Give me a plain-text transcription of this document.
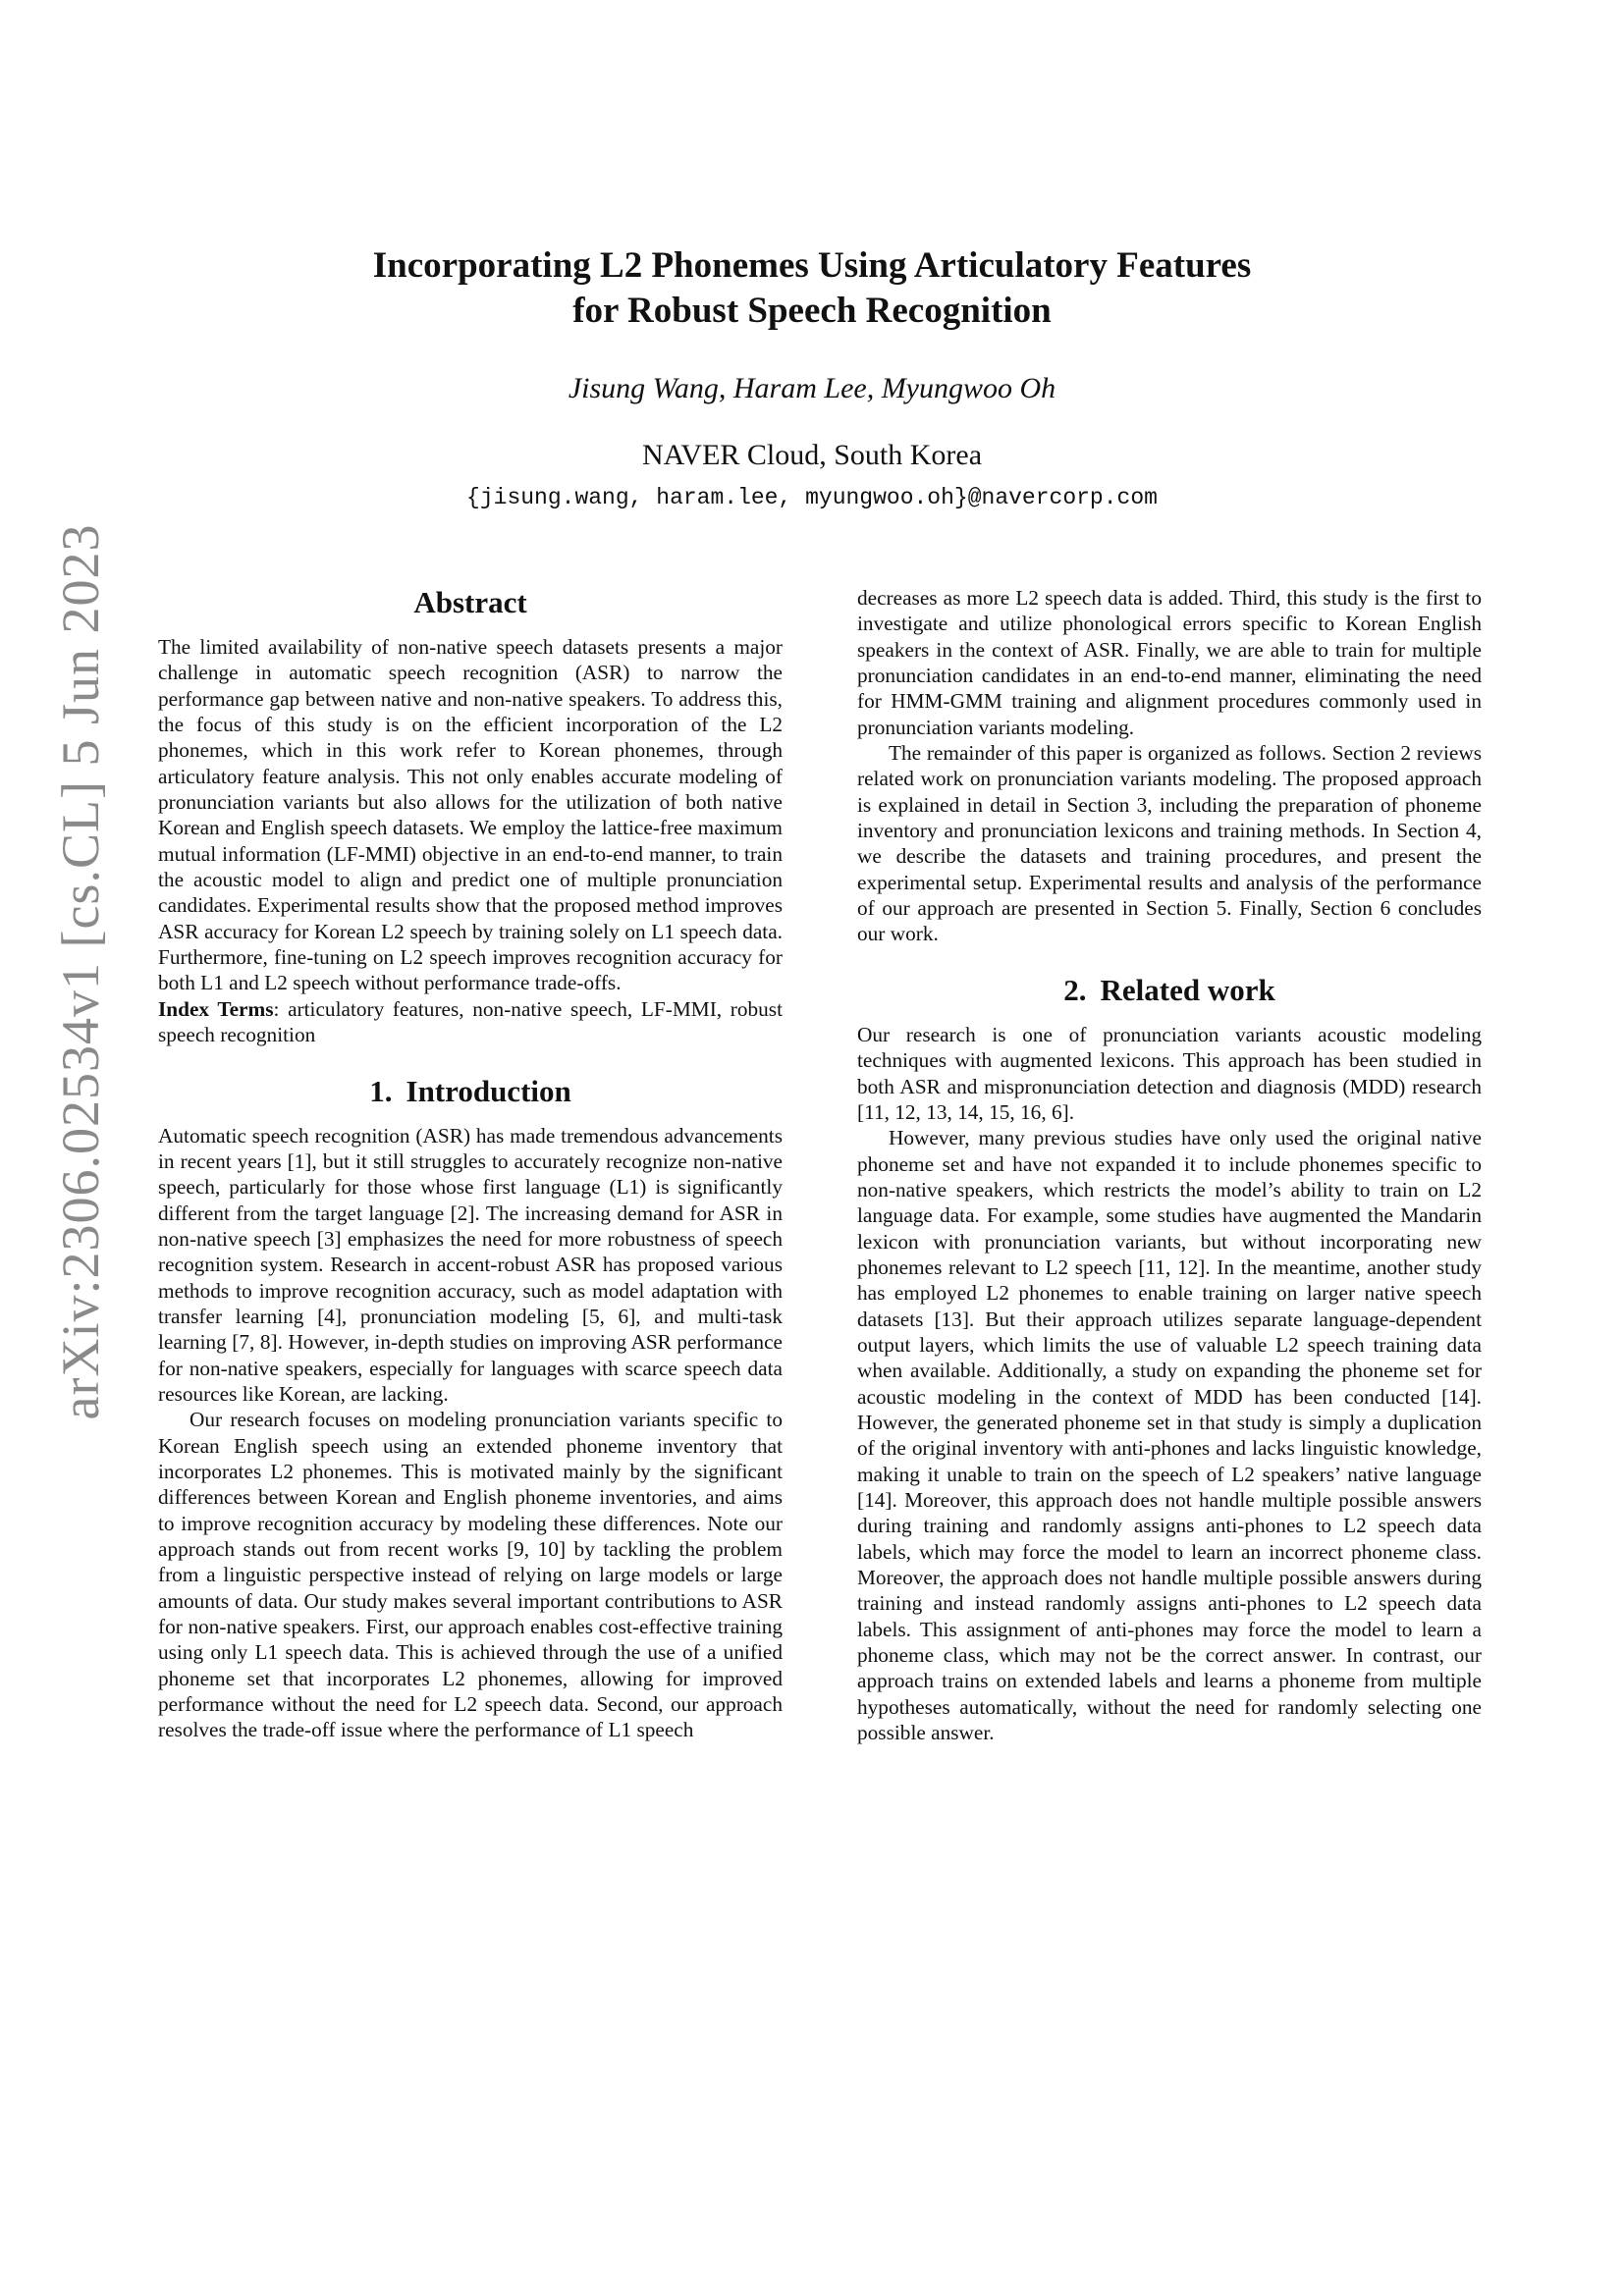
arXiv:2306.02534v1 [cs.CL] 5 Jun 2023
Incorporating L2 Phonemes Using Articulatory Features
for Robust Speech Recognition
Jisung Wang, Haram Lee, Myungwoo Oh
NAVER Cloud, South Korea
{jisung.wang, haram.lee, myungwoo.oh}@navercorp.com
Abstract

The limited availability of non-native speech datasets presents a major challenge in automatic speech recognition (ASR) to narrow the performance gap between native and non-native speakers. To address this, the focus of this study is on the efficient incorporation of the L2 phonemes, which in this work refer to Korean phonemes, through articulatory feature analysis. This not only enables accurate modeling of pronunciation variants but also allows for the utilization of both native Korean and English speech datasets. We employ the lattice-free maximum mutual information (LF-MMI) objective in an end-to-end manner, to train the acoustic model to align and predict one of multiple pronunciation candidates. Experimental results show that the proposed method improves ASR accuracy for Korean L2 speech by training solely on L1 speech data. Furthermore, fine-tuning on L2 speech improves recognition accuracy for both L1 and L2 speech without performance trade-offs.

Index Terms: articulatory features, non-native speech, LF-MMI, robust speech recognition

1. Introduction

Automatic speech recognition (ASR) has made tremendous advancements in recent years [1], but it still struggles to accurately recognize non-native speech, particularly for those whose first language (L1) is significantly different from the target language [2]. The increasing demand for ASR in non-native speech [3] emphasizes the need for more robustness of speech recognition system. Research in accent-robust ASR has proposed various methods to improve recognition accuracy, such as model adaptation with transfer learning [4], pronunciation modeling [5, 6], and multi-task learning [7, 8]. However, in-depth studies on improving ASR performance for non-native speakers, especially for languages with scarce speech data resources like Korean, are lacking.

Our research focuses on modeling pronunciation variants specific to Korean English speech using an extended phoneme inventory that incorporates L2 phonemes. This is motivated mainly by the significant differences between Korean and English phoneme inventories, and aims to improve recognition accuracy by modeling these differences. Note our approach stands out from recent works [9, 10] by tackling the problem from a linguistic perspective instead of relying on large models or large amounts of data. Our study makes several important contributions to ASR for non-native speakers. First, our approach enables cost-effective training using only L1 speech data. This is achieved through the use of a unified phoneme set that incorporates L2 phonemes, allowing for improved performance without the need for L2 speech data. Second, our approach resolves the trade-off issue where the performance of L1 speech

decreases as more L2 speech data is added. Third, this study is the first to investigate and utilize phonological errors specific to Korean English speakers in the context of ASR. Finally, we are able to train for multiple pronunciation candidates in an end-to-end manner, eliminating the need for HMM-GMM training and alignment procedures commonly used in pronunciation variants modeling.

The remainder of this paper is organized as follows. Section 2 reviews related work on pronunciation variants modeling. The proposed approach is explained in detail in Section 3, including the preparation of phoneme inventory and pronunciation lexicons and training methods. In Section 4, we describe the datasets and training procedures, and present the experimental setup. Experimental results and analysis of the performance of our approach are presented in Section 5. Finally, Section 6 concludes our work.

2. Related work

Our research is one of pronunciation variants acoustic modeling techniques with augmented lexicons. This approach has been studied in both ASR and mispronunciation detection and diagnosis (MDD) research [11, 12, 13, 14, 15, 16, 6].

However, many previous studies have only used the original native phoneme set and have not expanded it to include phonemes specific to non-native speakers, which restricts the model’s ability to train on L2 language data. For example, some studies have augmented the Mandarin lexicon with pronunciation variants, but without incorporating new phonemes relevant to L2 speech [11, 12]. In the meantime, another study has employed L2 phonemes to enable training on larger native speech datasets [13]. But their approach utilizes separate language-dependent output layers, which limits the use of valuable L2 speech training data when available. Additionally, a study on expanding the phoneme set for acoustic modeling in the context of MDD has been conducted [14]. However, the generated phoneme set in that study is simply a duplication of the original inventory with anti-phones and lacks linguistic knowledge, making it unable to train on the speech of L2 speakers’ native language [14]. Moreover, this approach does not handle multiple possible answers during training and randomly assigns anti-phones to L2 speech data labels, which may force the model to learn an incorrect phoneme class. Moreover, the approach does not handle multiple possible answers during training and instead randomly assigns anti-phones to L2 speech data labels. This assignment of anti-phones may force the model to learn a phoneme class, which may not be the correct answer. In contrast, our approach trains on extended labels and learns a phoneme from multiple hypotheses automatically, without the need for randomly selecting one possible answer.
